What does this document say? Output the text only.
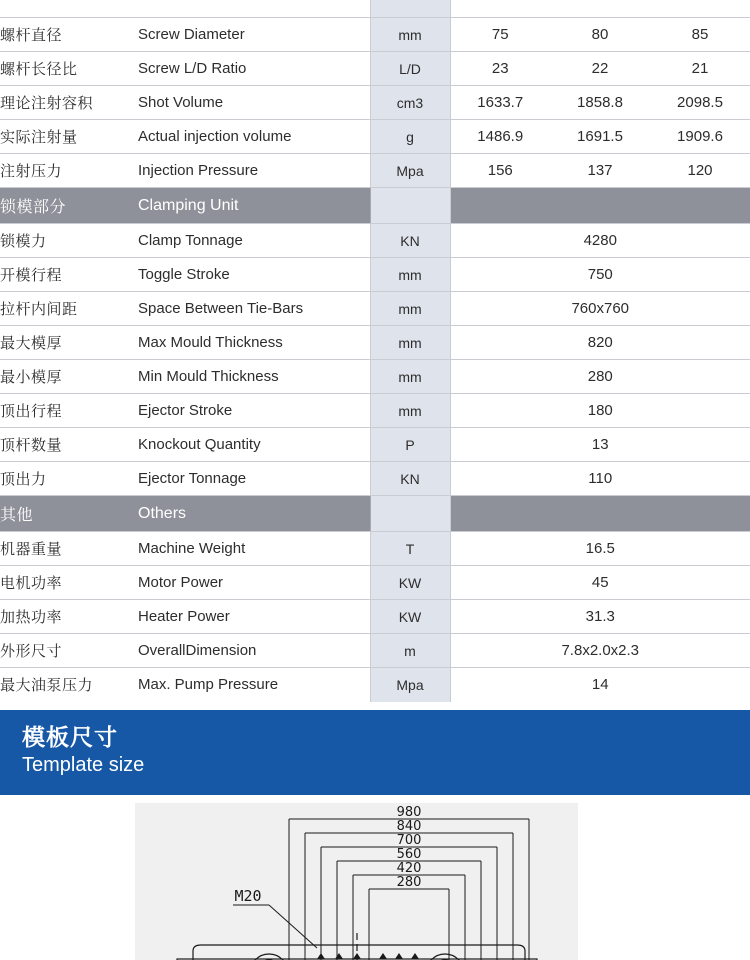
螺杆直径	Screw Diameter	mm	75	80	85
螺杆长径比	Screw L/D Ratio	L/D	23	22	21
理论注射容积	Shot Volume	cm3	1633.7	1858.8	2098.5
实际注射量	Actual injection volume	g	1486.9	1691.5	1909.6
注射压力	Injection Pressure	Mpa	156	137	120
锁模部分	Clamping Unit				
锁模力	Clamp Tonnage	KN	4280		
开模行程	Toggle Stroke	mm	750		
拉杆内间距	Space Between Tie-Bars	mm	760x760		
最大模厚	Max Mould Thickness	mm	820		
最小模厚	Min Mould Thickness	mm	280		
顶出行程	Ejector Stroke	mm	180		
顶杆数量	Knockout Quantity	P	13		
顶出力	Ejector Tonnage	KN	110		
其他	Others				
机器重量	Machine Weight	T	16.5		
电机功率	Motor Power	KW	45		
加热功率	Heater Power	KW	31.3		
外形尺寸	OverallDimension	m	7.8x2.0x2.3		
最大油泵压力	Max. Pump Pressure	Mpa	14		
模板尺寸
Template size
980
840
700
560
420
280
M20
